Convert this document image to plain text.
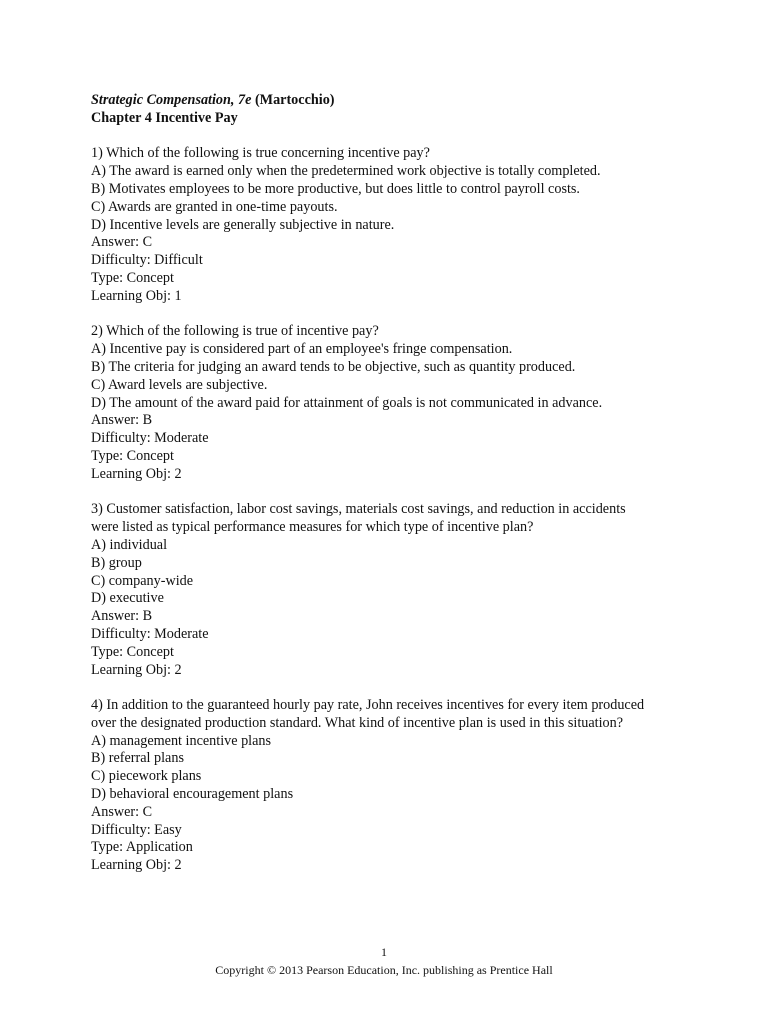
Strategic Compensation, 7e (Martocchio)
Chapter 4 Incentive Pay
1) Which of the following is true concerning incentive pay?
A) The award is earned only when the predetermined work objective is totally completed.
B) Motivates employees to be more productive, but does little to control payroll costs.
C) Awards are granted in one-time payouts.
D) Incentive levels are generally subjective in nature.
Answer: C
Difficulty: Difficult
Type: Concept
Learning Obj: 1
2) Which of the following is true of incentive pay?
A) Incentive pay is considered part of an employee's fringe compensation.
B) The criteria for judging an award tends to be objective, such as quantity produced.
C) Award levels are subjective.
D) The amount of the award paid for attainment of goals is not communicated in advance.
Answer: B
Difficulty: Moderate
Type: Concept
Learning Obj: 2
3) Customer satisfaction, labor cost savings, materials cost savings, and reduction in accidents
were listed as typical performance measures for which type of incentive plan?
A) individual
B) group
C) company-wide
D) executive
Answer: B
Difficulty: Moderate
Type: Concept
Learning Obj: 2
4) In addition to the guaranteed hourly pay rate, John receives incentives for every item produced
over the designated production standard. What kind of incentive plan is used in this situation?
A) management incentive plans
B) referral plans
C) piecework plans
D) behavioral encouragement plans
Answer: C
Difficulty: Easy
Type: Application
Learning Obj: 2
1
Copyright © 2013 Pearson Education, Inc. publishing as Prentice Hall
